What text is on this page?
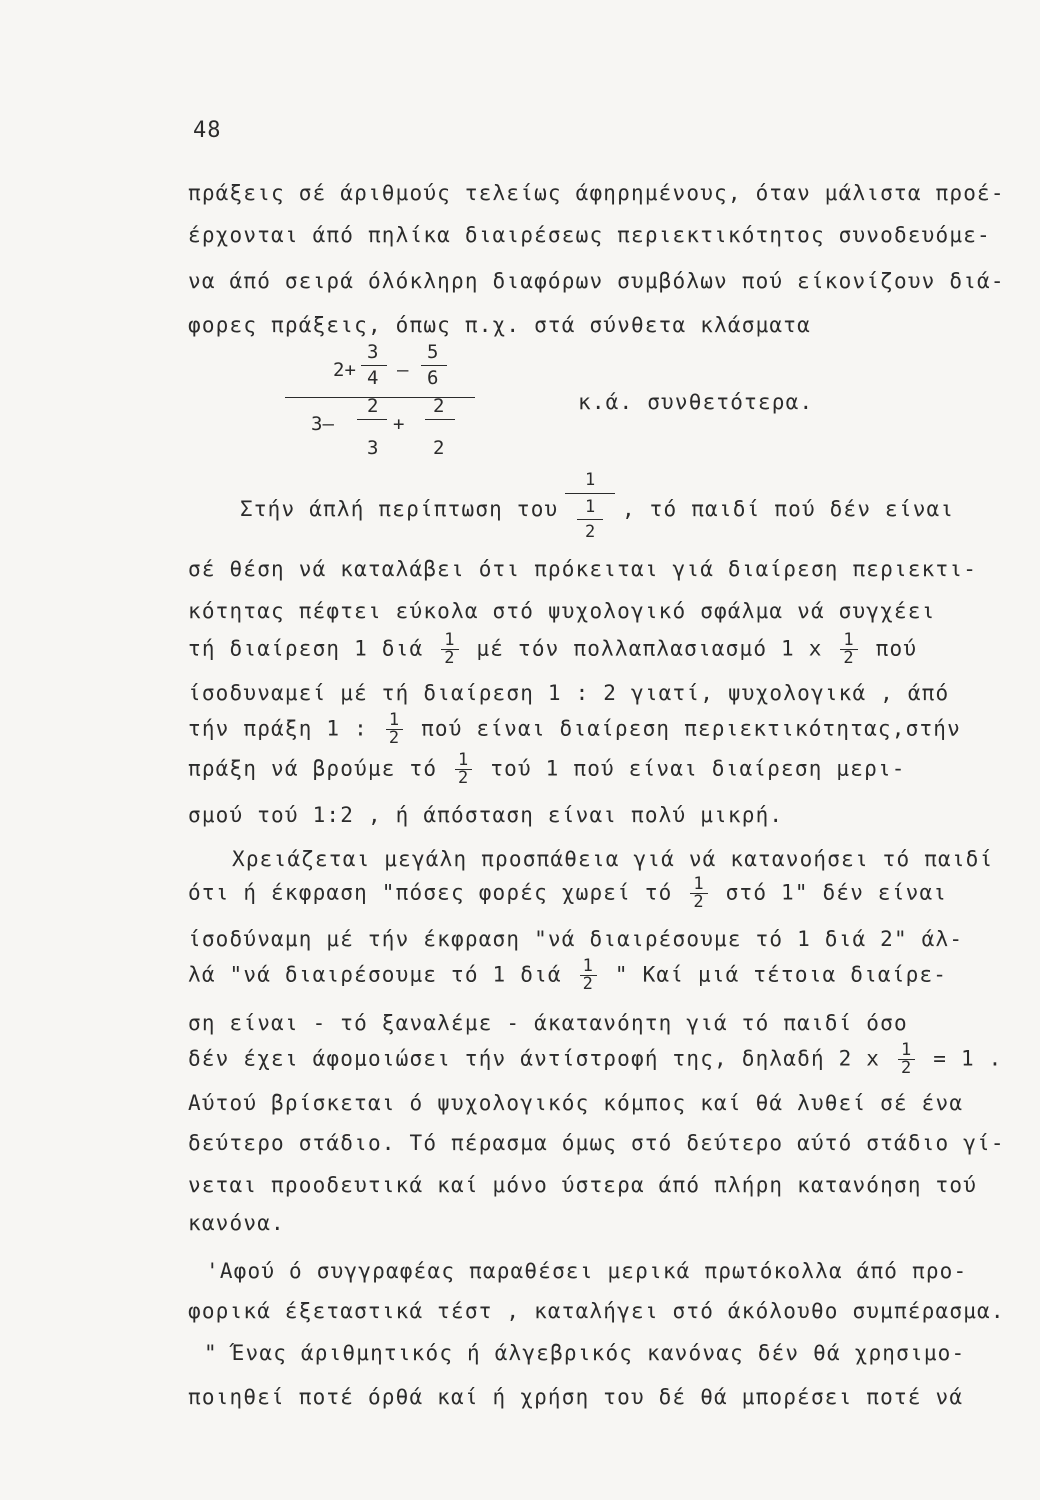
48
πράξεις σέ άριθμούς τελείως άφηρημένους, όταν μάλιστα προέ-
έρχονται άπό πηλίκα διαιρέσεως περιεκτικότητος συνοδευόμε-
να άπό σειρά όλόκληρη διαφόρων συμβόλων πού είκονίζουν διά-
φορες πράξεις, όπως π.χ. στά σύνθετα κλάσματα
2+
3
4 –
5
6
3–
2
3
+
2
2
κ.ά. συνθετότερα.
Στήν άπλή περίπτωση του
1
1
2
, τό παιδί πού δέν είναι
σέ θέση νά καταλάβει ότι πρόκειται γιά διαίρεση περιεκτι-
κότητας πέφτει εύκολα στό ψυχολογικό σφάλμα νά συγχέει
τή διαίρεση 1 διά $\frac{1}{2}$ μέ τόν πολλαπλασιασμό 1 x $\frac{1}{2}$ πού
ίσοδυναμεί μέ τή διαίρεση 1 : 2 γιατί, ψυχολογικά , άπό
τήν πράξη 1 : $\frac{1}{2}$ πού είναι διαίρεση περιεκτικότητας,στήν
πράξη νά βρούμε τό $\frac{1}{2}$ τού 1 πού είναι διαίρεση μερι-
σμού τού 1:2 , ή άπόσταση είναι πολύ μικρή.
Χρειάζεται μεγάλη προσπάθεια γιά νά κατανοήσει τό παιδί
ότι ή έκφραση "πόσες φορές χωρεί τό $\frac{1}{2}$ στό 1" δέν είναι
ίσοδύναμη μέ τήν έκφραση "νά διαιρέσουμε τό 1 διά 2" άλ-
λά "νά διαιρέσουμε τό 1 διά $\frac{1}{2}$ " Καί μιά τέτοια διαίρε-
ση είναι - τό ξαναλέμε - άκατανόητη γιά τό παιδί όσο
δέν έχει άφομοιώσει τήν άντίστροφή της, δηλαδή 2 x $\frac{1}{2} = 1$ .
Αύτού βρίσκεται ό ψυχολογικός κόμπος καί θά λυθεί σέ ένα
δεύτερο στάδιο. Τό πέρασμα όμως στό δεύτερο αύτό στάδιο γί-
νεται προοδευτικά καί μόνο ύστερα άπό πλήρη κατανόηση τού
κανόνα.
'Αφού ό συγγραφέας παραθέσει μερικά πρωτόκολλα άπό προ-
φορικά έξεταστικά τέστ , καταλήγει στό άκόλουθο συμπέρασμα.
" Ένας άριθμητικός ή άλγεβρικός κανόνας δέν θά χρησιμο-
ποιηθεί ποτέ όρθά καί ή χρήση του δέ θά μπορέσει ποτέ νά
